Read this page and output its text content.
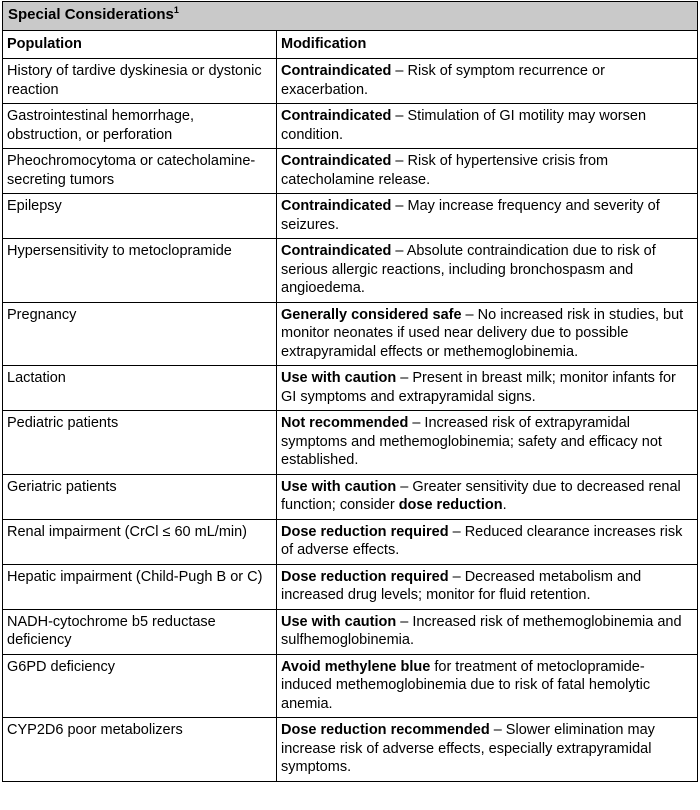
Special Considerations$^1$
Population	Modification
History of tardive dyskinesia or dystonic reaction	Contraindicated – Risk of symptom recurrence or exacerbation.
Gastrointestinal hemorrhage, obstruction, or perforation	Contraindicated – Stimulation of GI motility may worsen condition.
Pheochromocytoma or catecholamine-secreting tumors	Contraindicated – Risk of hypertensive crisis from catecholamine release.
Epilepsy	Contraindicated – May increase frequency and severity of seizures.
Hypersensitivity to metoclopramide	Contraindicated – Absolute contraindication due to risk of serious allergic reactions, including bronchospasm and angioedema.
Pregnancy	Generally considered safe – No increased risk in studies, but monitor neonates if used near delivery due to possible extrapyramidal effects or methemoglobinemia.
Lactation	Use with caution – Present in breast milk; monitor infants for GI symptoms and extrapyramidal signs.
Pediatric patients	Not recommended – Increased risk of extrapyramidal symptoms and methemoglobinemia; safety and efficacy not established.
Geriatric patients	Use with caution – Greater sensitivity due to decreased renal function; consider dose reduction.
Renal impairment (CrCl ≤ 60 mL/min)	Dose reduction required – Reduced clearance increases risk of adverse effects.
Hepatic impairment (Child-Pugh B or C)	Dose reduction required – Decreased metabolism and increased drug levels; monitor for fluid retention.
NADH-cytochrome b5 reductase deficiency	Use with caution – Increased risk of methemoglobinemia and sulfhemoglobinemia.
G6PD deficiency	Avoid methylene blue for treatment of metoclopramide-induced methemoglobinemia due to risk of fatal hemolytic anemia.
CYP2D6 poor metabolizers	Dose reduction recommended – Slower elimination may increase risk of adverse effects, especially extrapyramidal symptoms.
